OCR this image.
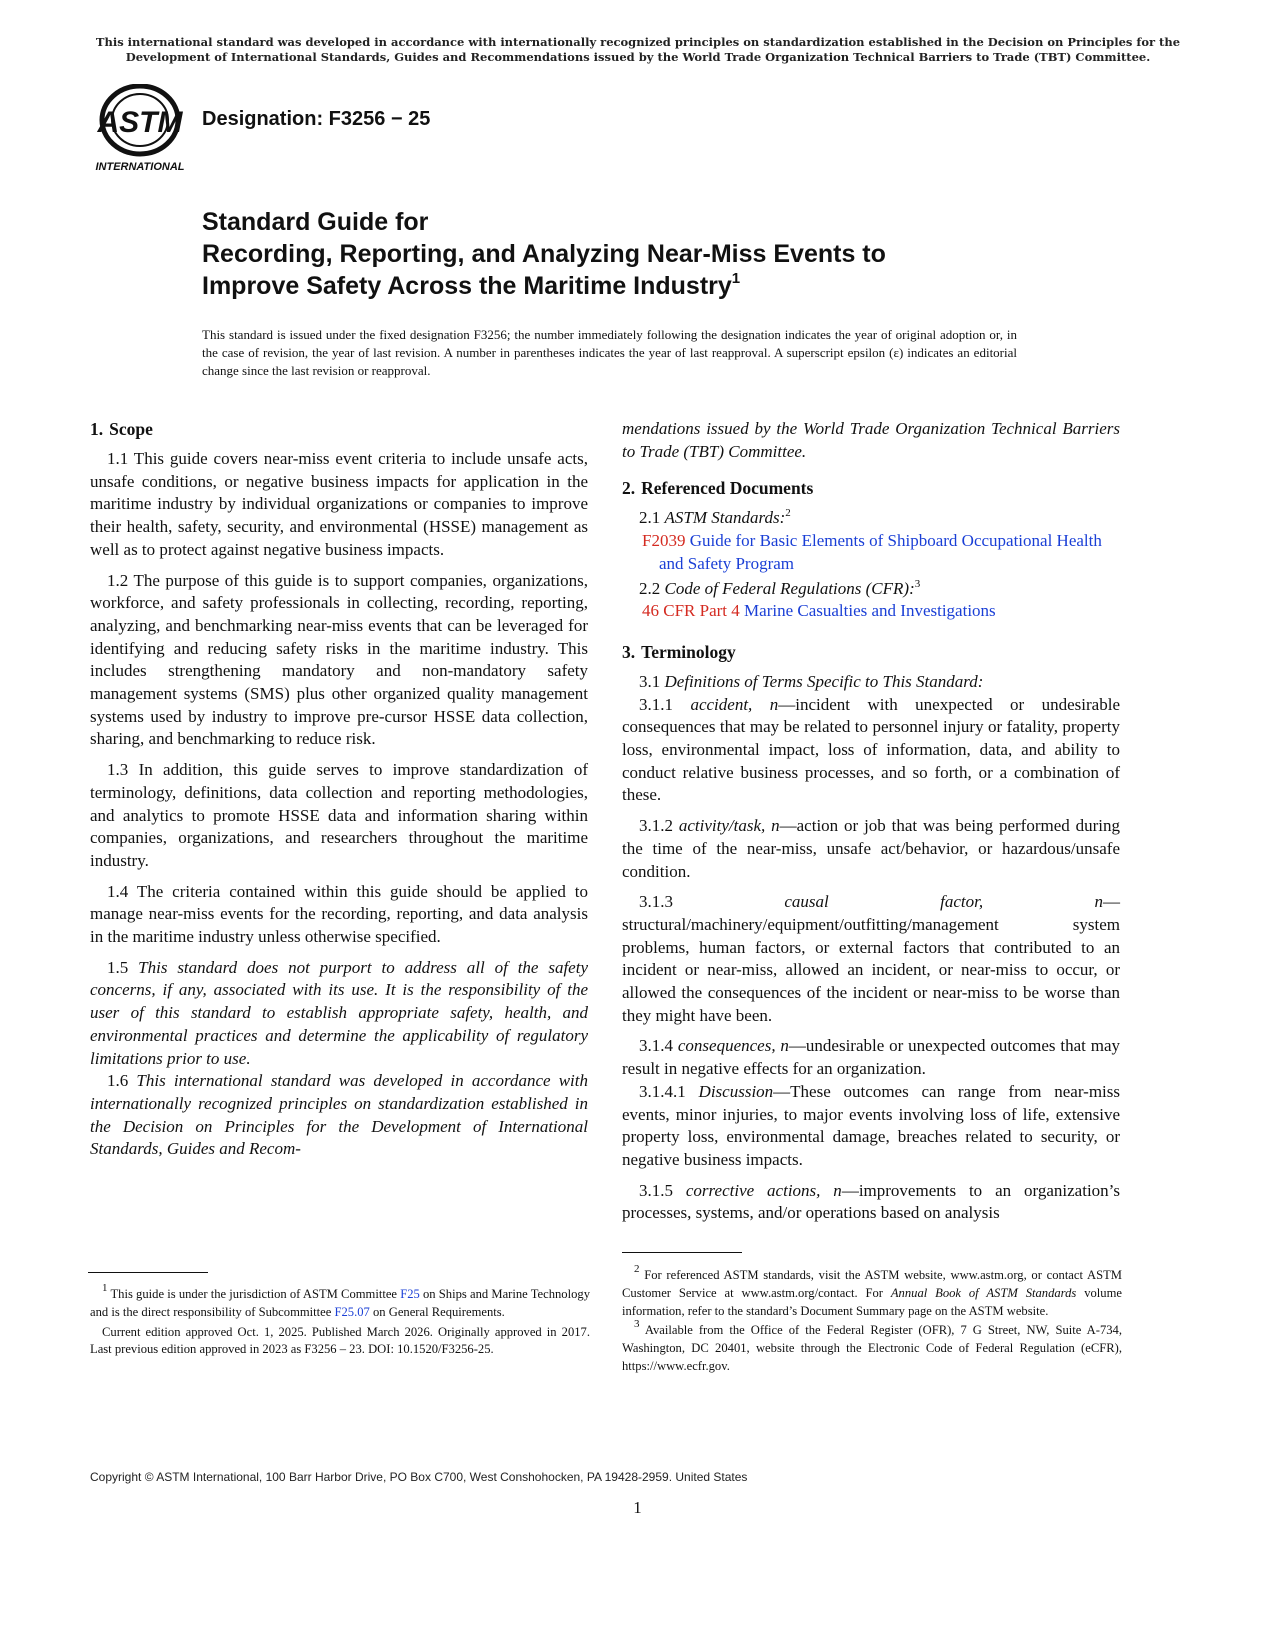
This international standard was developed in accordance with internationally recognized principles on standardization established in the Decision on Principles for the Development of International Standards, Guides and Recommendations issued by the World Trade Organization Technical Barriers to Trade (TBT) Committee.
ASTM
INTERNATIONAL
Designation: F3256 − 25
Standard Guide for
Recording, Reporting, and Analyzing Near-Miss Events to
Improve Safety Across the Maritime Industry$^1$
This standard is issued under the fixed designation F3256; the number immediately following the designation indicates the year of original adoption or, in the case of revision, the year of last revision. A number in parentheses indicates the year of last reapproval. A superscript epsilon (ε) indicates an editorial change since the last revision or reapproval.
1. Scope

1.1 This guide covers near-miss event criteria to include unsafe acts, unsafe conditions, or negative business impacts for application in the maritime industry by individual organizations or companies to improve their health, safety, security, and environmental (HSSE) management as well as to protect against negative business impacts.

1.2 The purpose of this guide is to support companies, organizations, workforce, and safety professionals in collecting, recording, reporting, analyzing, and benchmarking near-miss events that can be leveraged for identifying and reducing safety risks in the maritime industry. This includes strengthening mandatory and non-mandatory safety management systems (SMS) plus other organized quality management systems used by industry to improve pre-cursor HSSE data collection, sharing, and benchmarking to reduce risk.

1.3 In addition, this guide serves to improve standardization of terminology, definitions, data collection and reporting methodologies, and analytics to promote HSSE data and information sharing within companies, organizations, and researchers throughout the maritime industry.

1.4 The criteria contained within this guide should be applied to manage near-miss events for the recording, reporting, and data analysis in the maritime industry unless otherwise specified.

1.5 This standard does not purport to address all of the safety concerns, if any, associated with its use. It is the responsibility of the user of this standard to establish appropriate safety, health, and environmental practices and determine the applicability of regulatory limitations prior to use.

1.6 This international standard was developed in accordance with internationally recognized principles on standardization established in the Decision on Principles for the Development of International Standards, Guides and Recom-

mendations issued by the World Trade Organization Technical Barriers to Trade (TBT) Committee.

2. Referenced Documents

2.1 ASTM Standards:$^2$

F2039 Guide for Basic Elements of Shipboard Occupational Health and Safety Program

2.2 Code of Federal Regulations (CFR):$^3$

46 CFR Part 4 Marine Casualties and Investigations
3. Terminology

3.1 Definitions of Terms Specific to This Standard:

3.1.1 accident, n—incident with unexpected or undesirable consequences that may be related to personnel injury or fatality, property loss, environmental impact, loss of information, data, and ability to conduct relative business processes, and so forth, or a combination of these.

3.1.2 activity/task, n—action or job that was being performed during the time of the near-miss, unsafe act/behavior, or hazardous/unsafe condition.

3.1.3	causal factor, n—structural/machinery/equipment/outfitting/management system problems, human factors, or external factors that contributed to an incident or near-miss, allowed an incident, or near-miss to occur, or allowed the consequences of the incident or near-miss to be worse than they might have been.

3.1.4 consequences, n—undesirable or unexpected outcomes that may result in negative effects for an organization.

3.1.4.1 Discussion—These outcomes can range from near-miss events, minor injuries, to major events involving loss of life, extensive property loss, environmental damage, breaches related to security, or negative business impacts.

3.1.5 corrective actions, n—improvements to an organization’s processes, systems, and/or operations based on analysis

$^1$ This guide is under the jurisdiction of ASTM Committee F25 on Ships and Marine Technology and is the direct responsibility of Subcommittee F25.07 on General Requirements.

Current edition approved Oct. 1, 2025. Published March 2026. Originally approved in 2017. Last previous edition approved in 2023 as F3256 – 23. DOI: 10.1520/F3256-25.

$^2$ For referenced ASTM standards, visit the ASTM website, www.astm.org, or contact ASTM Customer Service at www.astm.org/contact. For Annual Book of ASTM Standards volume information, refer to the standard’s Document Summary page on the ASTM website.

$^3$ Available from the Office of the Federal Register (OFR), 7 G Street, NW, Suite A-734, Washington, DC 20401, website through the Electronic Code of Federal Regulation (eCFR), https://www.ecfr.gov.

Copyright © ASTM International, 100 Barr Harbor Drive, PO Box C700, West Conshohocken, PA 19428-2959. United States
1
